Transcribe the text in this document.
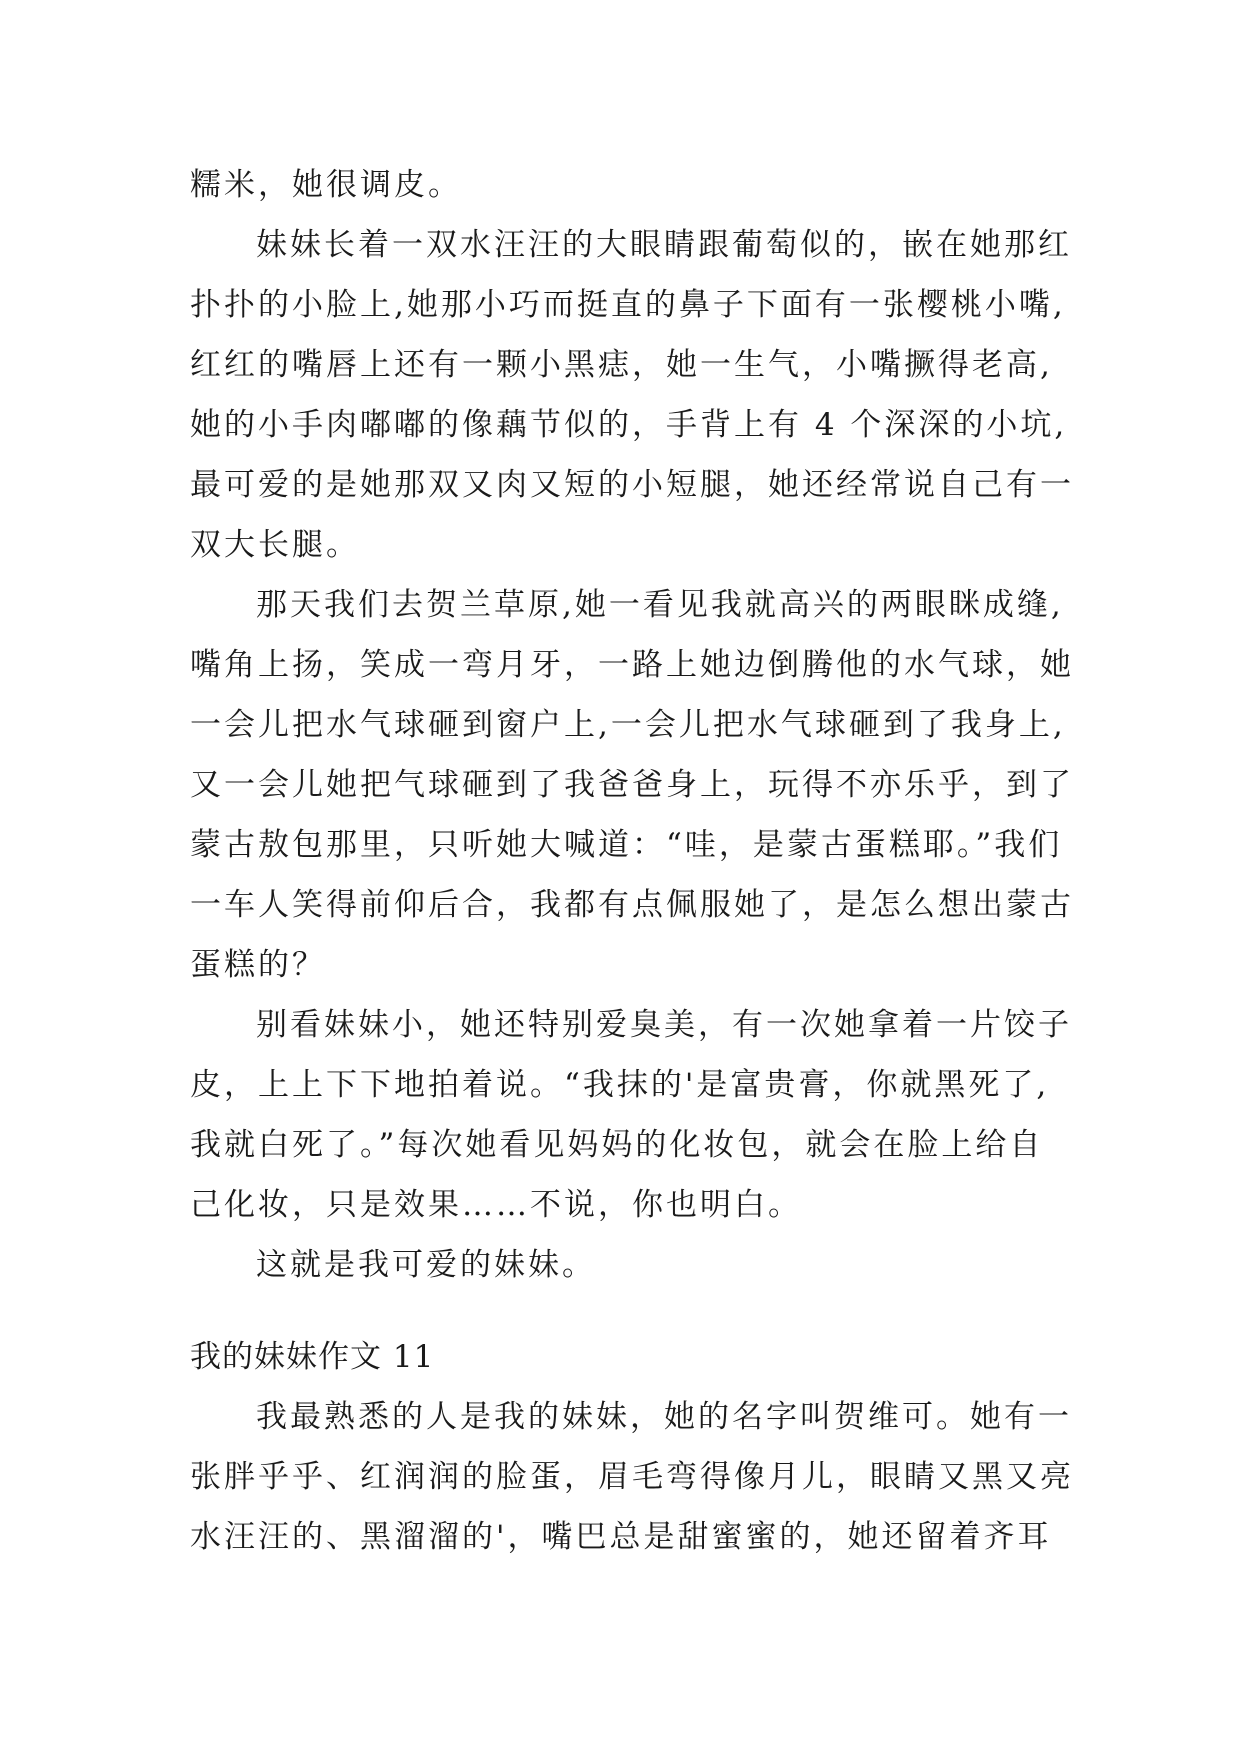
糯米，她很调皮。
妹妹长着一双水汪汪的大眼睛跟葡萄似的，嵌在她那红
扑扑的小脸上,她那小巧而挺直的鼻子下面有一张樱桃小嘴,
红红的嘴唇上还有一颗小黑痣，她一生气，小嘴撅得老高,
她的小手肉嘟嘟的像藕节似的，手背上有 4 个深深的小坑,
最可爱的是她那双又肉又短的小短腿，她还经常说自己有一
双大长腿。
那天我们去贺兰草原,她一看见我就高兴的两眼眯成缝,
嘴角上扬，笑成一弯月牙，一路上她边倒腾他的水气球，她
一会儿把水气球砸到窗户上,一会儿把水气球砸到了我身上,
又一会儿她把气球砸到了我爸爸身上，玩得不亦乐乎，到了
蒙古敖包那里，只听她大喊道：“哇，是蒙古蛋糕耶。”我们
一车人笑得前仰后合，我都有点佩服她了，是怎么想出蒙古
蛋糕的？
别看妹妹小，她还特别爱臭美，有一次她拿着一片饺子
皮，上上下下地拍着说。“我抹的'是富贵膏，你就黑死了,
我就白死了。”每次她看见妈妈的化妆包，就会在脸上给自
己化妆，只是效果……不说，你也明白。
这就是我可爱的妹妹。
我的妹妹作文 11
我最熟悉的人是我的妹妹，她的名字叫贺维可。她有一
张胖乎乎、红润润的脸蛋，眉毛弯得像月儿，眼睛又黑又亮
水汪汪的、黑溜溜的'，嘴巴总是甜蜜蜜的，她还留着齐耳
